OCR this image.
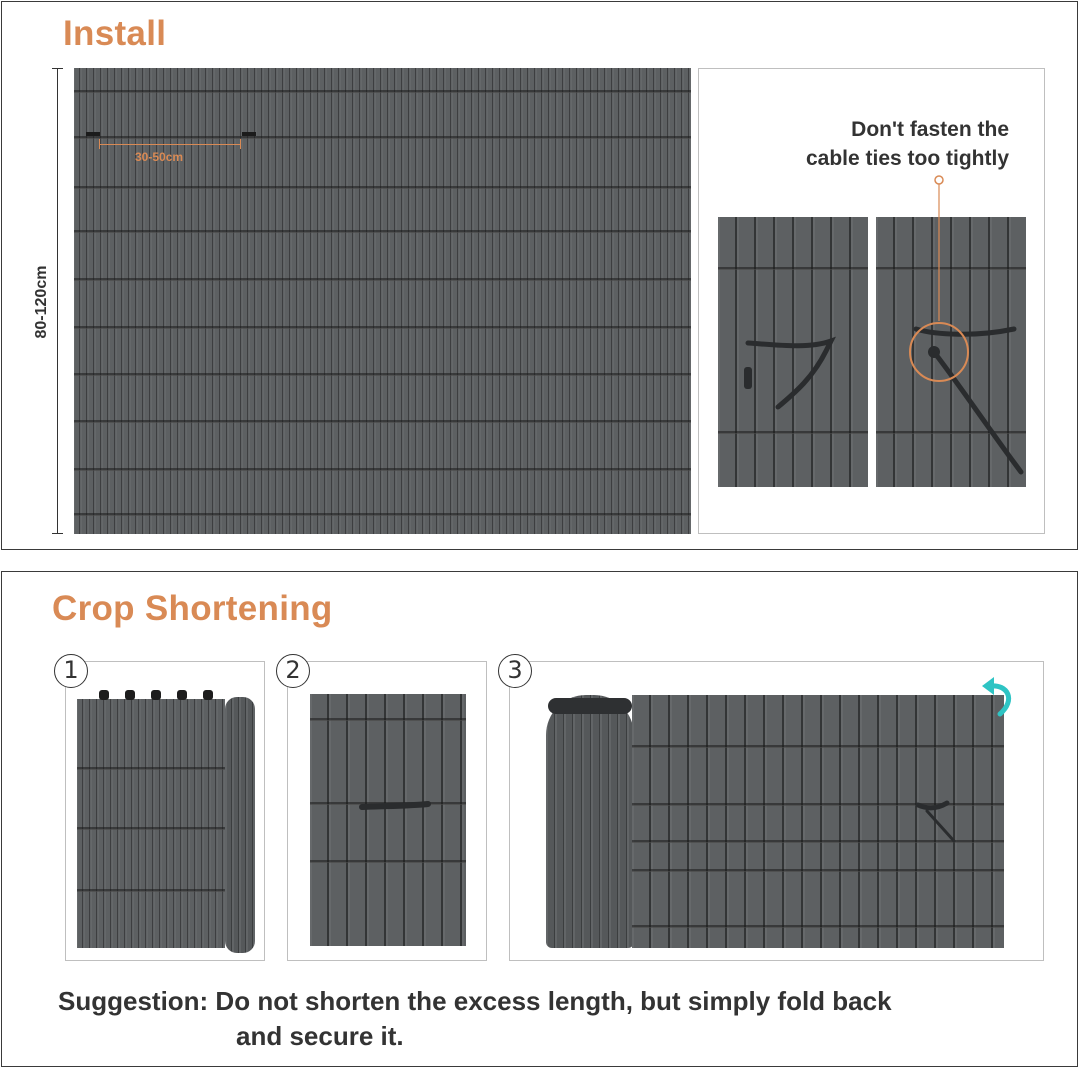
Install
80-120cm
30-50cm
Don't fasten the
cable ties too tightly
Crop Shortening
1	2	3
Suggestion: Do not shorten the excess length, but simply fold back
and secure it.
